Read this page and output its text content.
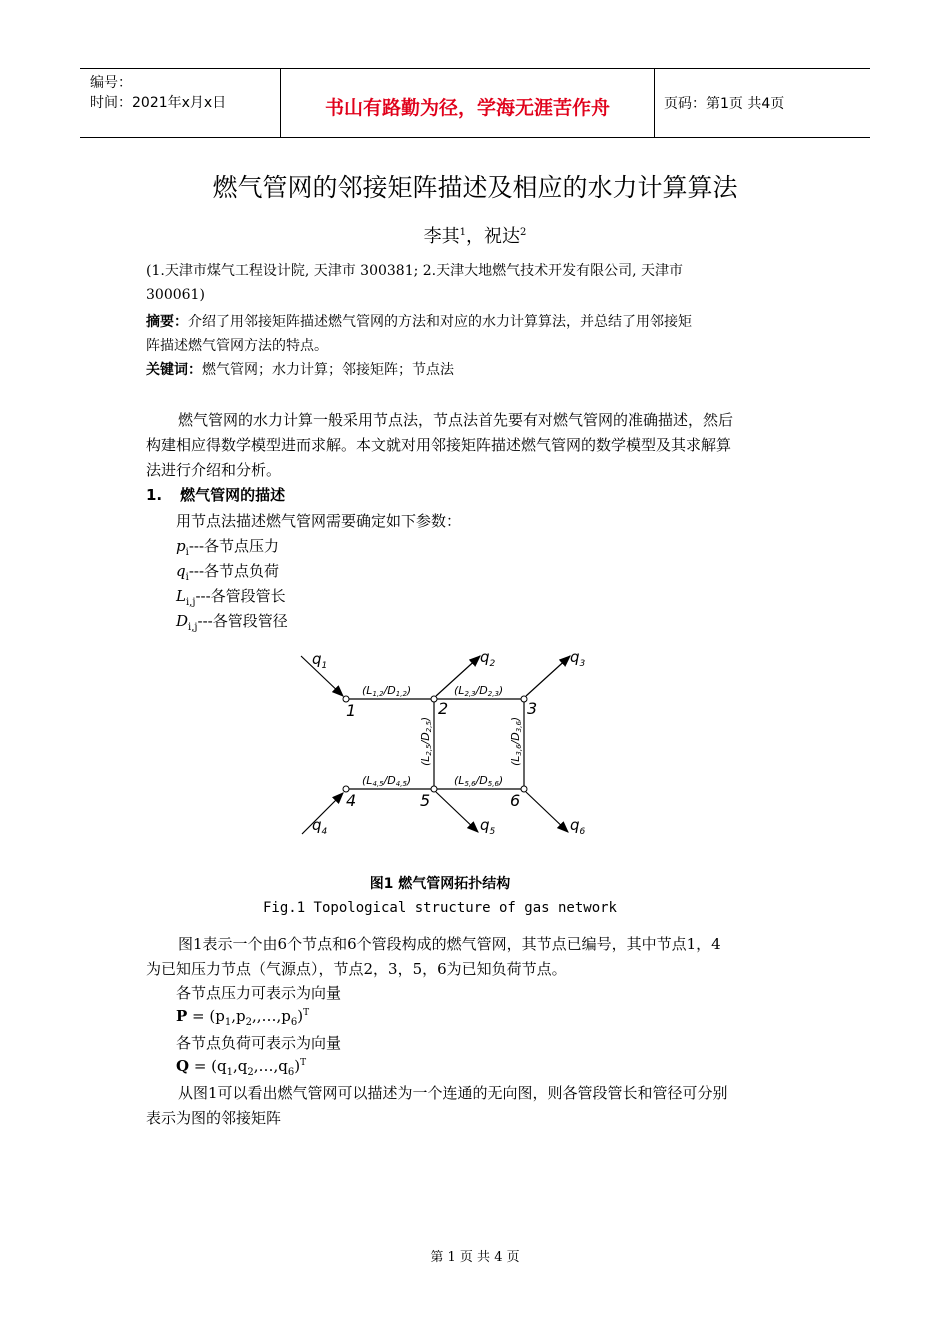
编号：
时间：2021年x月x日	书山有路勤为径，学海无涯苦作舟	页码：第1页 共4页
燃气管网的邻接矩阵描述及相应的水力计算算法
李其$^1$，祝达$^2$
(1.天津市煤气工程设计院, 天津市 300381; 2.天津大地燃气技术开发有限公司, 天津市
300061)
摘要：介绍了用邻接矩阵描述燃气管网的方法和对应的水力计算算法，并总结了用邻接矩
阵描述燃气管网方法的特点。
关键词：燃气管网；水力计算；邻接矩阵；节点法
燃气管网的水力计算一般采用节点法，节点法首先要有对燃气管网的准确描述，然后
构建相应得数学模型进而求解。本文就对用邻接矩阵描述燃气管网的数学模型及其求解算
法进行介绍和分析。
1. 燃气管网的描述
用节点法描述燃气管网需要确定如下参数：
$p_i---$各节点压力
$q_i---$各节点负荷
$L_{i,j}---$各管段管长
$D_{i,j}---$各管段管径
1	2	3
4	5	6
$q_1$	$q_2$	$q_3$
$q_4$	$q_5$	$q_6$
(L1,2/D1,2)	(L2,3/D2,3)
(L4,5/D4,5)	(L5,6/D5,6)
(L2,5/D2,5)
(L3,6/D3,6)
图1 燃气管网拓扑结构
Fig.1 Topological structure of gas network
图1表示一个由6个节点和6个管段构成的燃气管网，其节点已编号，其中节点1，4
为已知压力节点（气源点），节点2，3，5，6为已知负荷节点。
各节点压力可表示为向量
$P = (p_1,p_2,,\dots,p_6)^T$
各节点负荷可表示为向量
$Q = (q_1,q_2,\dots,q_6)^T$
从图1可以看出燃气管网可以描述为一个连通的无向图，则各管段管长和管径可分别
表示为图的邻接矩阵
第 1 页 共 4 页
